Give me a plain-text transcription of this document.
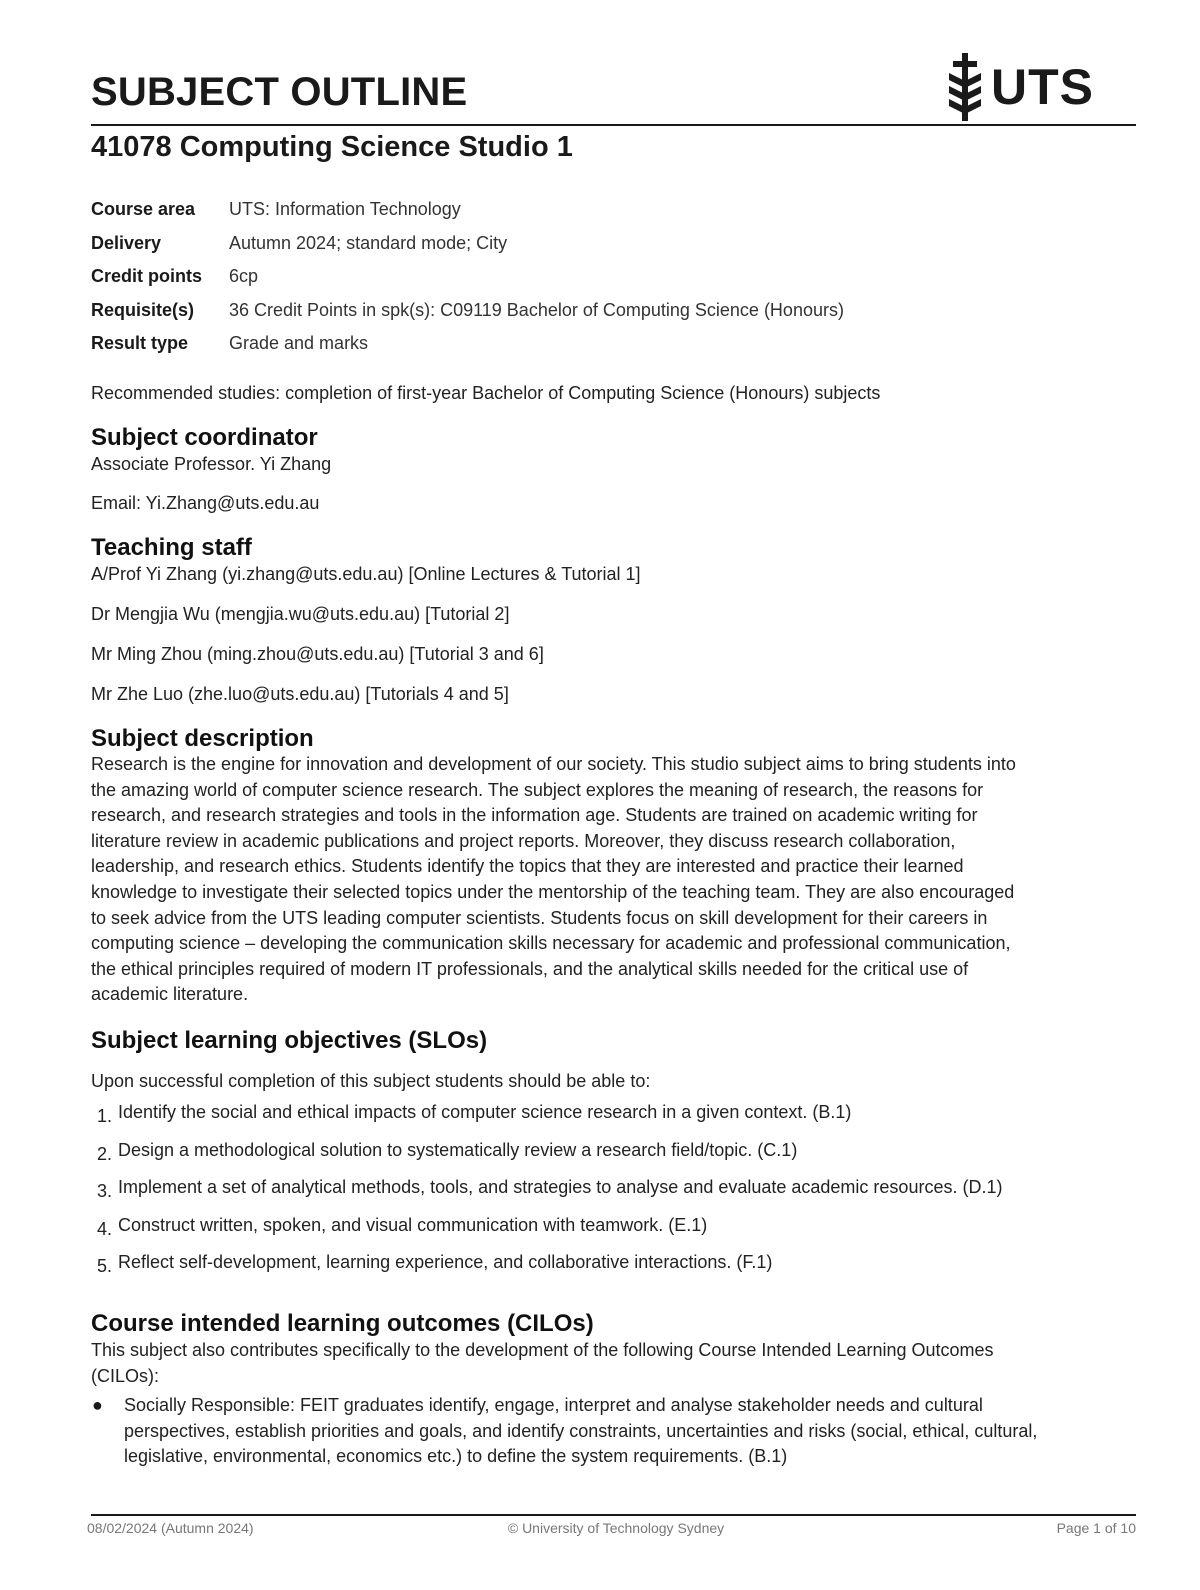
SUBJECT OUTLINE	UTS
41078 Computing Science Studio 1
Course area	UTS: Information Technology
Delivery	Autumn 2024; standard mode; City
Credit points	6cp
Requisite(s)	36 Credit Points in spk(s): C09119 Bachelor of Computing Science (Honours)
Result type	Grade and marks

Recommended studies: completion of first-year Bachelor of Computing Science (Honours) subjects

Subject coordinator

Associate Professor. Yi Zhang

Email: Yi.Zhang@uts.edu.au

Teaching staff

A/Prof Yi Zhang (yi.zhang@uts.edu.au) [Online Lectures & Tutorial 1]

Dr Mengjia Wu (mengjia.wu@uts.edu.au) [Tutorial 2]

Mr Ming Zhou (ming.zhou@uts.edu.au) [Tutorial 3 and 6]

Mr Zhe Luo (zhe.luo@uts.edu.au) [Tutorials 4 and 5]

Subject description
Research is the engine for innovation and development of our society. This studio subject aims to bring students into
the amazing world of computer science research. The subject explores the meaning of research, the reasons for
research, and research strategies and tools in the information age. Students are trained on academic writing for
literature review in academic publications and project reports. Moreover, they discuss research collaboration,
leadership, and research ethics. Students identify the topics that they are interested and practice their learned
knowledge to investigate their selected topics under the mentorship of the teaching team. They are also encouraged
to seek advice from the UTS leading computer scientists. Students focus on skill development for their careers in
computing science – developing the communication skills necessary for academic and professional communication,
the ethical principles required of modern IT professionals, and the analytical skills needed for the critical use of
academic literature.
Subject learning objectives (SLOs)

Upon successful completion of this subject students should be able to:

1. Identify the social and ethical impacts of computer science research in a given context. (B.1)
2. Design a methodological solution to systematically review a research field/topic. (C.1)
3. Implement a set of analytical methods, tools, and strategies to analyse and evaluate academic resources. (D.1)
4. Construct written, spoken, and visual communication with teamwork. (E.1)
5. Reflect self-development, learning experience, and collaborative interactions. (F.1)
Course intended learning outcomes (CILOs)
This subject also contributes specifically to the development of the following Course Intended Learning Outcomes
(CILOs):
●	Socially Responsible: FEIT graduates identify, engage, interpret and analyse stakeholder needs and cultural
perspectives, establish priorities and goals, and identify constraints, uncertainties and risks (social, ethical, cultural,
legislative, environmental, economics etc.) to define the system requirements. (B.1)
08/02/2024 (Autumn 2024)	© University of Technology Sydney	Page 1 of 10
